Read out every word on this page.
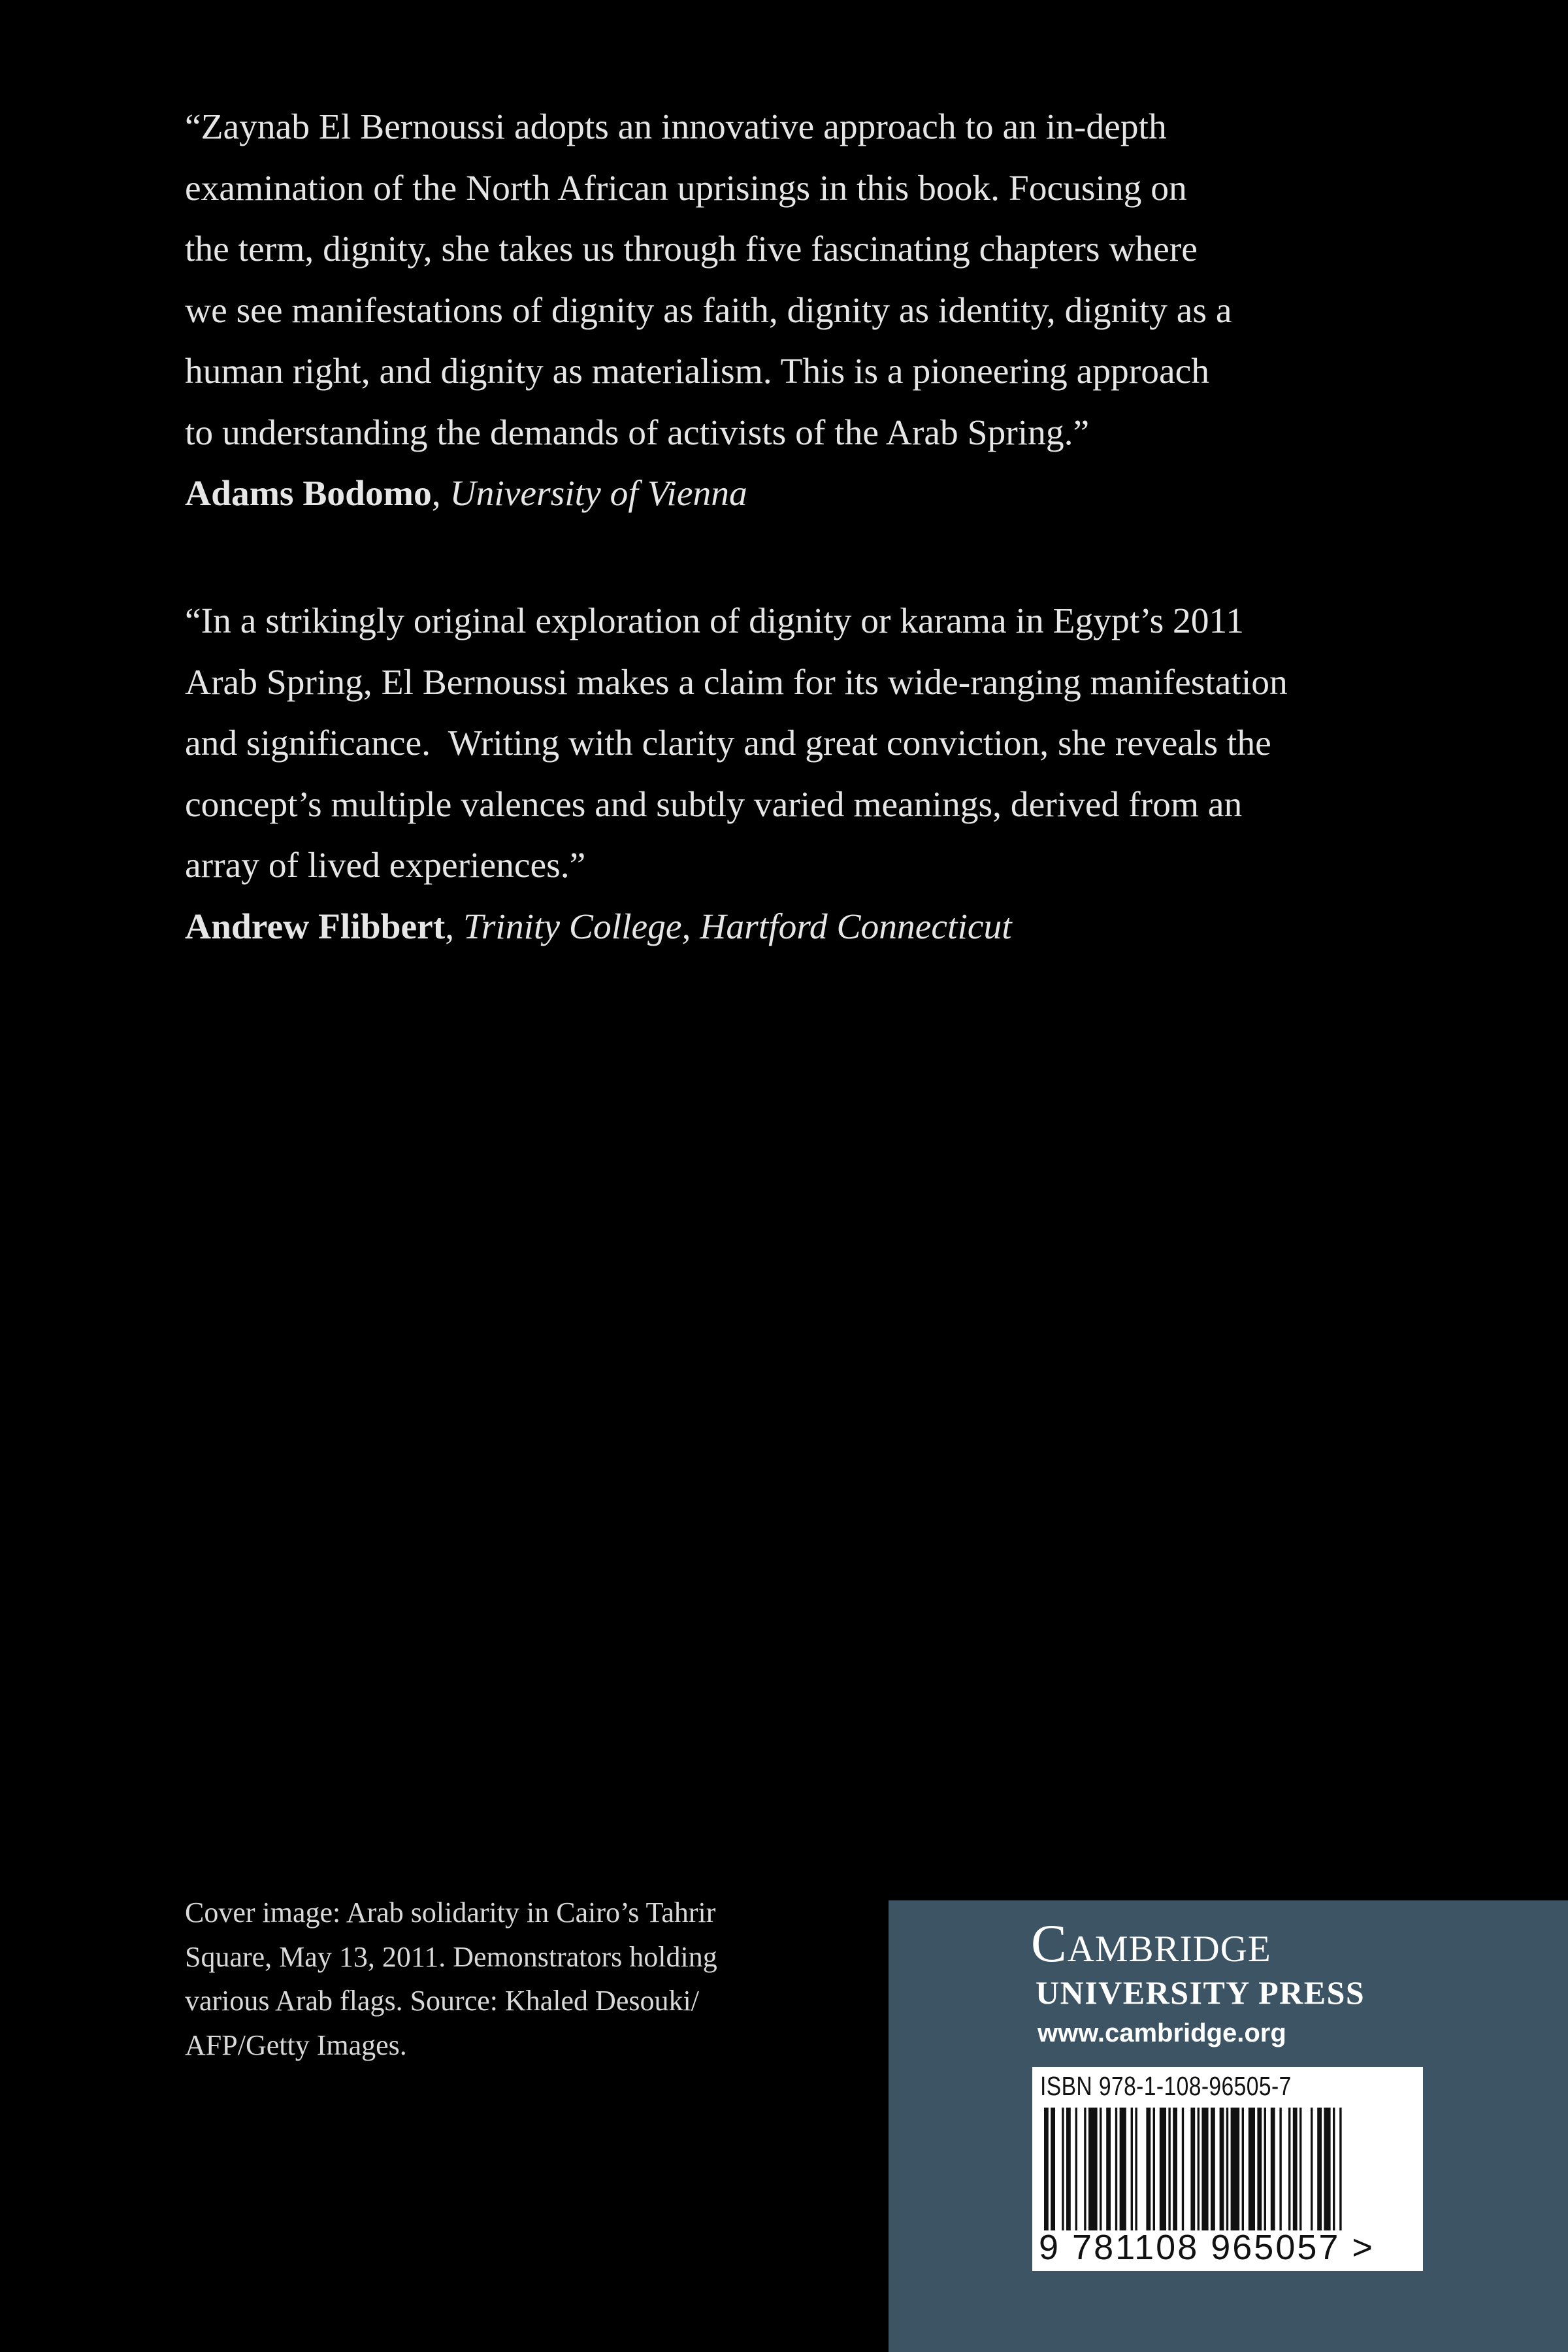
“Zaynab El Bernoussi adopts an innovative approach to an in-depth

examination of the North African uprisings in this book. Focusing on

the term, dignity, she takes us through five fascinating chapters where

we see manifestations of dignity as faith, dignity as identity, dignity as a

human right, and dignity as materialism. This is a pioneering approach

to understanding the demands of activists of the Arab Spring.”

Adams Bodomo, University of Vienna

“In a strikingly original exploration of dignity or karama in Egypt’s 2011

Arab Spring, El Bernoussi makes a claim for its wide-ranging manifestation

and significance.  Writing with clarity and great conviction, she reveals the

concept’s multiple valences and subtly varied meanings, derived from an

array of lived experiences.”

Andrew Flibbert, Trinity College, Hartford Connecticut

Cover image: Arab solidarity in Cairo’s Tahrir
Square, May 13, 2011. Demonstrators holding
various Arab flags. Source: Khaled Desouki/
AFP/Getty Images.
Cambridge
UNIVERSITY PRESS
www.cambridge.org
ISBN 978-1-108-96505-7
9 781108 965057 >
